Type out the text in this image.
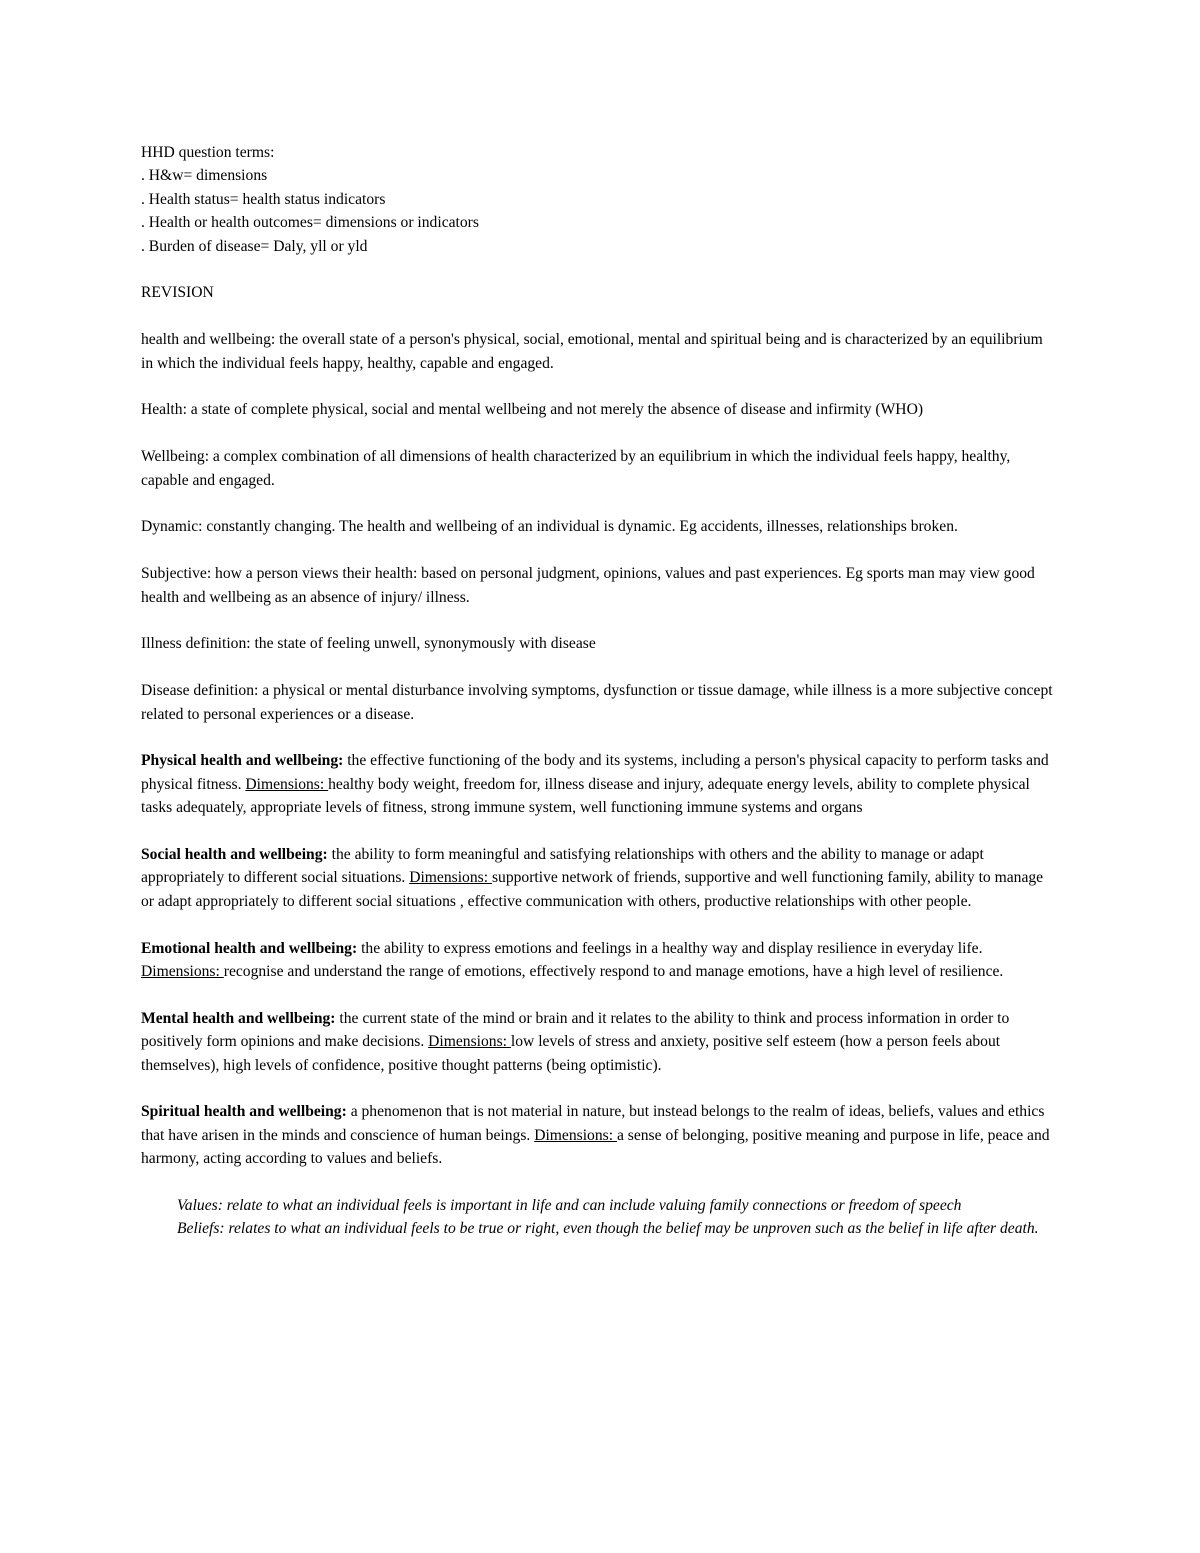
HHD question terms:

. H&w= dimensions

. Health status= health status indicators

. Health or health outcomes= dimensions or indicators

. Burden of disease= Daly, yll or yld

REVISION

health and wellbeing: the overall state of a person's physical, social, emotional, mental and spiritual being and is characterized by an equilibrium in which the individual feels happy, healthy, capable and engaged.

Health: a state of complete physical, social and mental wellbeing and not merely the absence of disease and infirmity (WHO)

Wellbeing: a complex combination of all dimensions of health characterized by an equilibrium in which the individual feels happy, healthy, capable and engaged.

Dynamic: constantly changing. The health and wellbeing of an individual is dynamic. Eg accidents, illnesses, relationships broken.

Subjective: how a person views their health: based on personal judgment, opinions, values and past experiences. Eg sports man may view good health and wellbeing as an absence of injury/ illness.

Illness definition: the state of feeling unwell, synonymously with disease

Disease definition: a physical or mental disturbance involving symptoms, dysfunction or tissue damage, while illness is a more subjective concept related to personal experiences or a disease.

Physical health and wellbeing: the effective functioning of the body and its systems, including a person's physical capacity to perform tasks and physical fitness. Dimensions: healthy body weight, freedom for, illness disease and injury, adequate energy levels, ability to complete physical tasks adequately, appropriate levels of fitness, strong immune system, well functioning immune systems and organs

Social health and wellbeing: the ability to form meaningful and satisfying relationships with others and the ability to manage or adapt appropriately to different social situations. Dimensions: supportive network of friends, supportive and well functioning family, ability to manage or adapt appropriately to different social situations , effective communication with others, productive relationships with other people.

Emotional health and wellbeing: the ability to express emotions and feelings in a healthy way and display resilience in everyday life. Dimensions: recognise and understand the range of emotions, effectively respond to and manage emotions, have a high level of resilience.

Mental health and wellbeing: the current state of the mind or brain and it relates to the ability to think and process information in order to positively form opinions and make decisions. Dimensions: low levels of stress and anxiety, positive self esteem (how a person feels about themselves), high levels of confidence, positive thought patterns (being optimistic).

Spiritual health and wellbeing: a phenomenon that is not material in nature, but instead belongs to the realm of ideas, beliefs, values and ethics that have arisen in the minds and conscience of human beings. Dimensions: a sense of belonging, positive meaning and purpose in life, peace and harmony, acting according to values and beliefs.

Values: relate to what an individual feels is important in life and can include valuing family connections or freedom of speech

Beliefs: relates to what an individual feels to be true or right, even though the belief may be unproven such as the belief in life after death.
